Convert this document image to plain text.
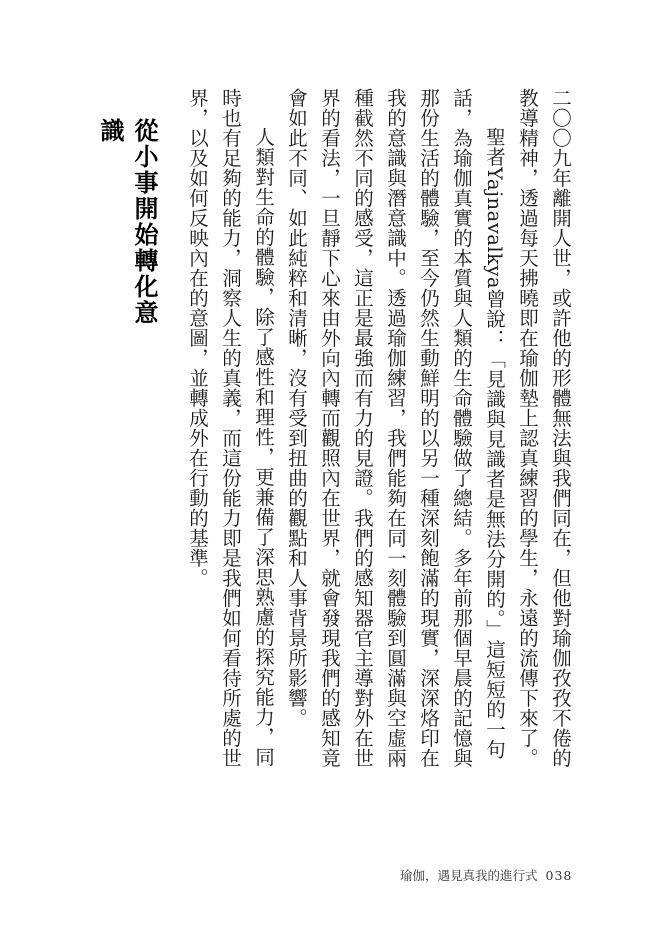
二〇〇九年離開人世，或許他的形體無法與我們同在，但他對瑜伽孜孜不倦的教導精神，透過每天拂曉即在瑜伽墊上認真練習的學生，永遠的流傳下來了。

聖者Yajnavalkya曾說：「見識與見識者是無法分開的。」這短短的一句話，為瑜伽真實的本質與人類的生命體驗做了總結。多年前那個早晨的記憶與那份生活的體驗，至今仍然生動鮮明的以另一種深刻飽滿的現實，深深烙印在我的意識與潛意識中。透過瑜伽練習，我們能夠在同一刻體驗到圓滿與空虛兩種截然不同的感受，這正是最強而有力的見證。我們的感知器官主導對外在世界的看法，一旦靜下心來由外向內轉而觀照內在世界，就會發現我們的感知竟會如此不同、如此純粹和清晰，沒有受到扭曲的觀點和人事背景所影響。

人類對生命的體驗，除了感性和理性，更兼備了深思熟慮的探究能力，同時也有足夠的能力，洞察人生的真義，而這份能力即是我們如何看待所處的世界，以及如何反映內在的意圖，並轉成外在行動的基準。

從小事開始轉化意識
瑜伽，遇見真我的進行式 038
